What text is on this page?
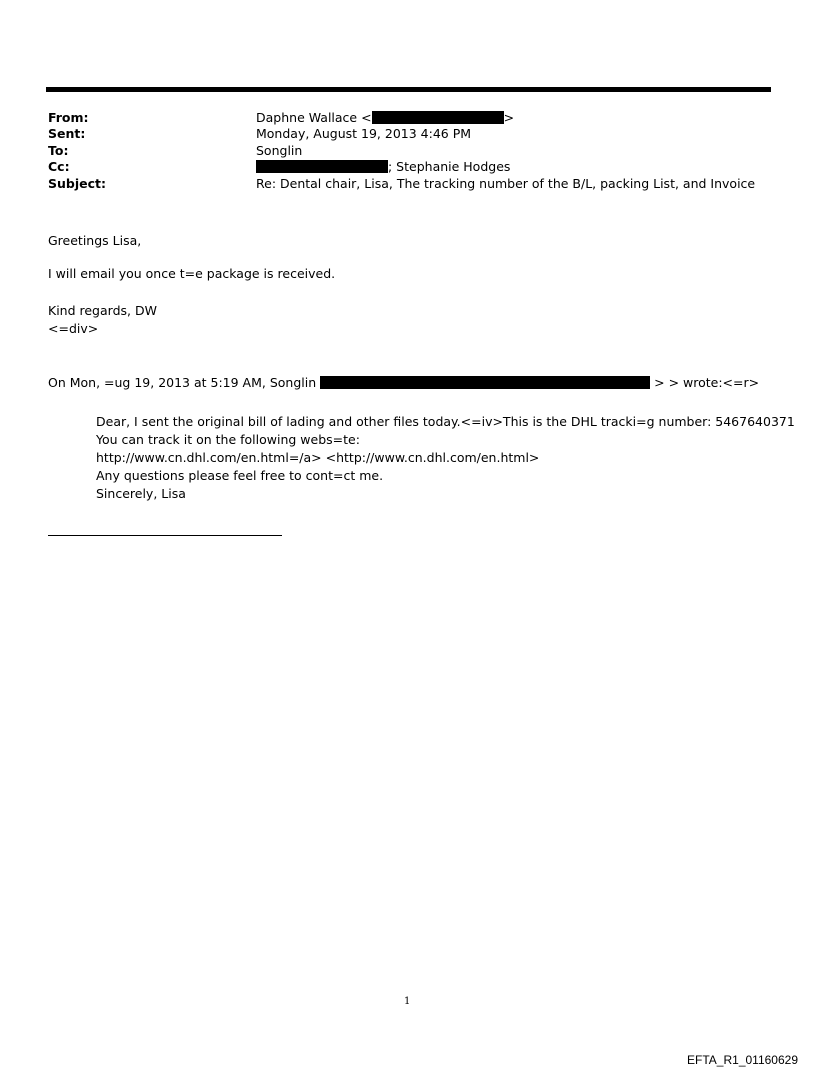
From:
Sent:
To:
Cc:
Subject:
Daphne Wallace <	>
Monday, August 19, 2013 4:46 PM
Songlin
; Stephanie Hodges
Re: Dental chair, Lisa, The tracking number of the B/L, packing List, and Invoice
Greetings Lisa,
I will email you once t=e package is received.
Kind regards, DW
<=div>
On Mon, =ug 19, 2013 at 5:19 AM, Songlin	> > wrote:<=r>
Dear, I sent the original bill of lading and other files today.<=iv>This is the DHL tracki=g number: 5467640371
You can track it on the following webs=te:
http://www.cn.dhl.com/en.html=/a> <http://www.cn.dhl.com/en.html>
Any questions please feel free to cont=ct me.
Sincerely, Lisa
1
EFTA_R1_01160629
